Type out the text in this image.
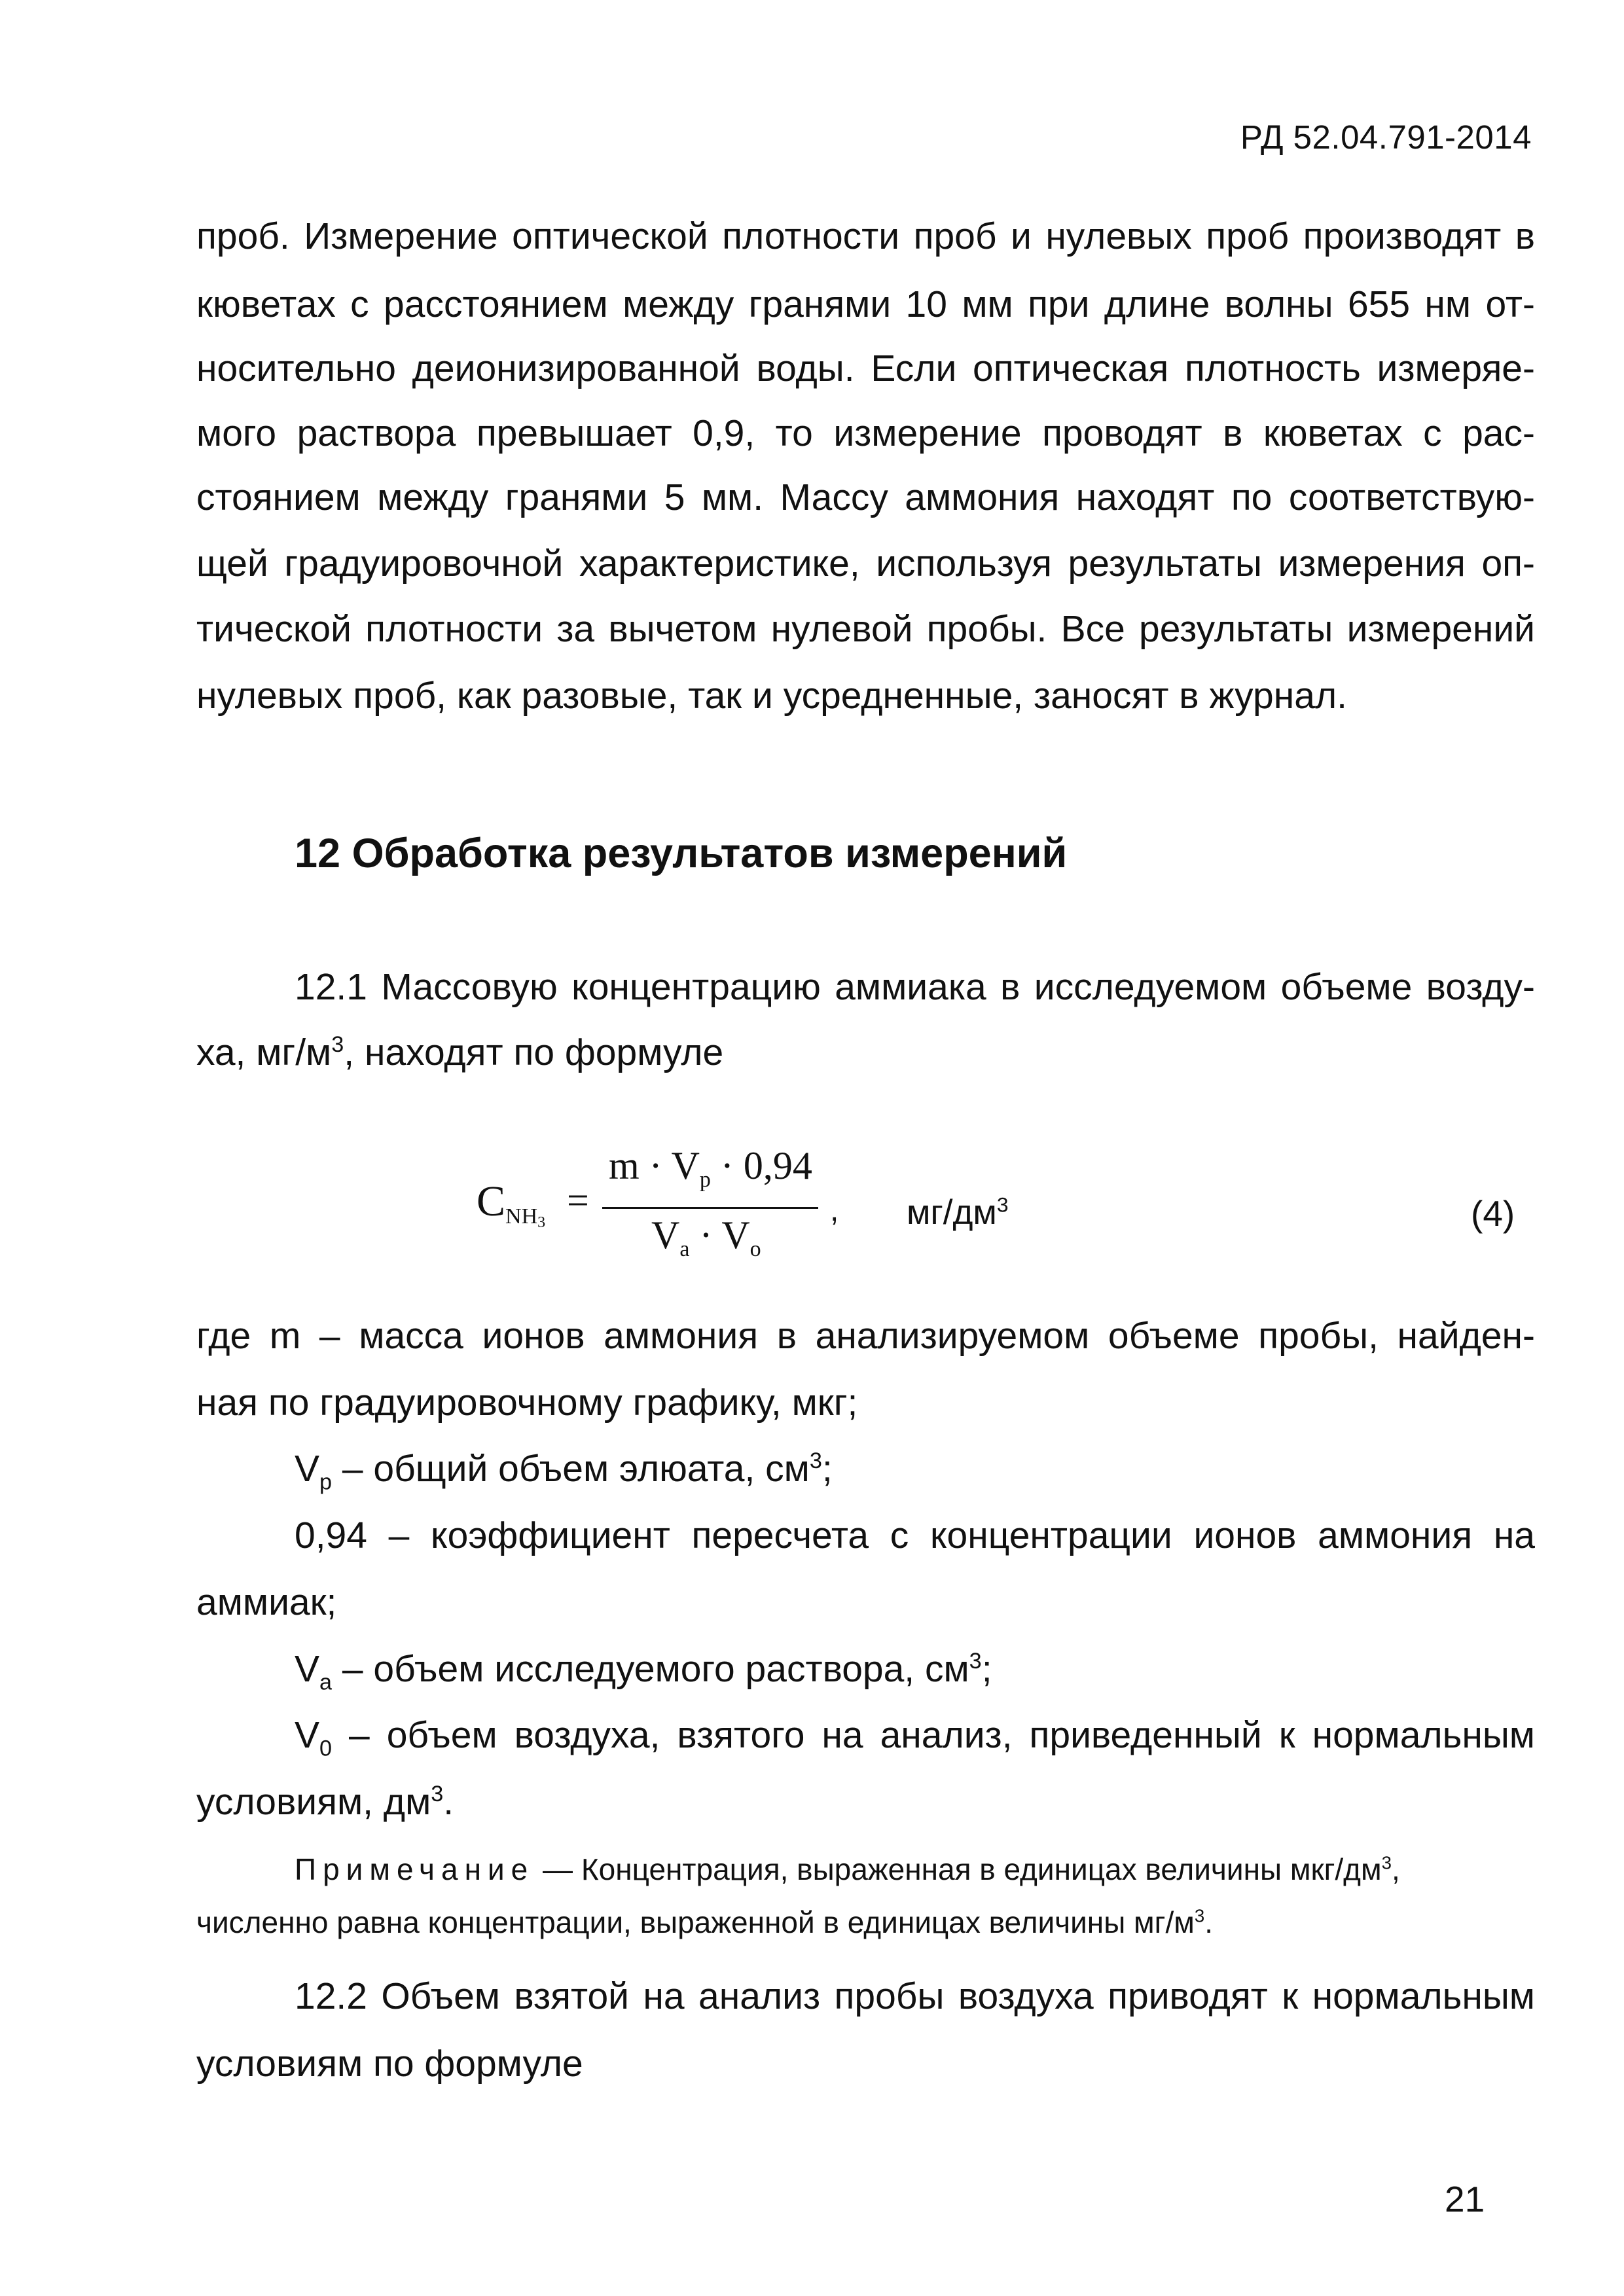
РД 52.04.791-2014
проб. Измерение оптической плотности проб и нулевых проб производят в
кюветах с расстоянием между гранями 10 мм при длине волны 655 нм от-
носительно деионизированной воды. Если оптическая плотность измеряе-
мого раствора превышает 0,9, то измерение проводят в кюветах с рас-
стоянием между гранями 5 мм. Массу аммония находят по соответствую-
щей градуировочной характеристике, используя результаты измерения оп-
тической плотности за вычетом нулевой пробы. Все результаты измерений
нулевых проб, как разовые, так и усредненные, заносят в журнал.
12 Обработка результатов измерений
12.1 Массовую концентрацию аммиака в исследуемом объеме возду-
ха, $мг/м^3$, находят по формуле
CNH3
=
$m \cdot V_p \cdot 0,94$
$V_a \cdot V_o$
, $мг/дм^3$	(4)
где m – масса ионов аммония в анализируемом объеме пробы, найден-
ная по градуировочному графику, мкг;
$V_p$ – общий объем элюата, $см^3$;
0,94 – коэффициент пересчета с концентрации ионов аммония на
аммиак;
$V_a$ – объем исследуемого раствора, $см^3$;
$V_0$ – объем воздуха, взятого на анализ, приведенный к нормальным
условиям, $дм^3$.
Примечание — Концентрация, выраженная в единицах величины мкг/$дм^3$,
численно равна концентрации, выраженной в единицах величины $мг/м^3$.
12.2 Объем взятой на анализ пробы воздуха приводят к нормальным
условиям по формуле
21
